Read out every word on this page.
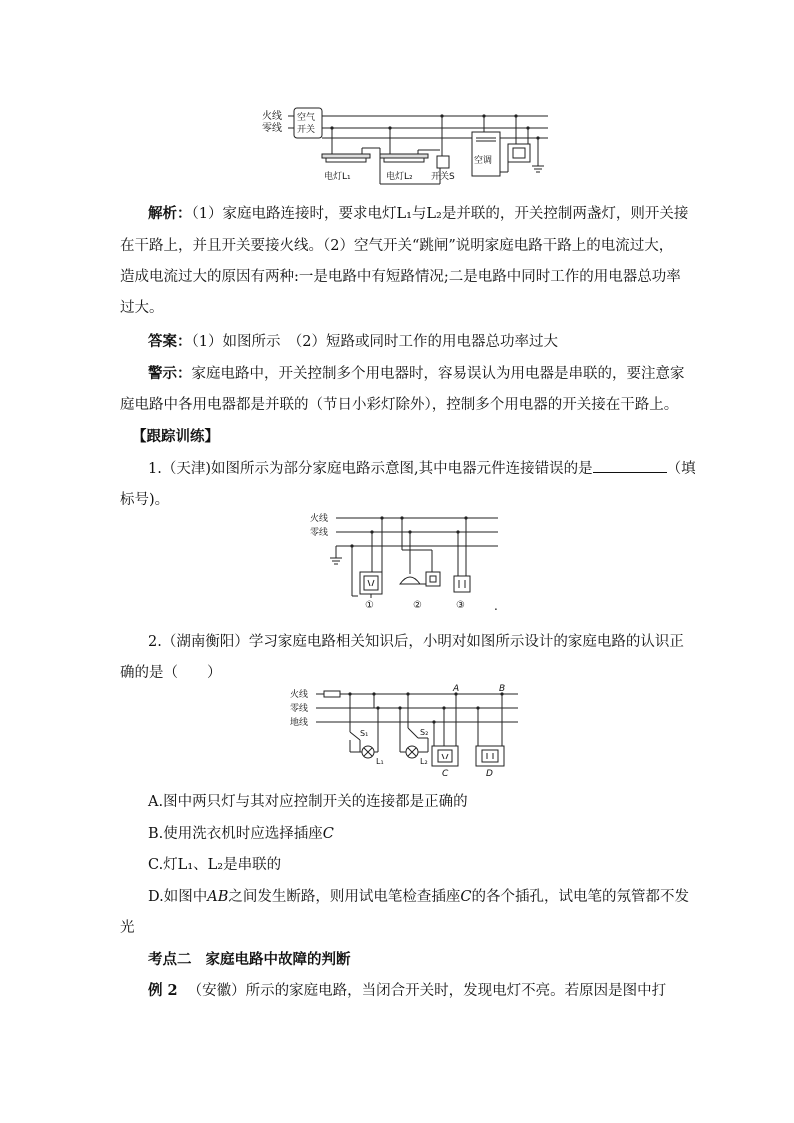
火线
零线
空气
开关
电灯L₁	电灯L₂ 开关S
空调
解析：（1）家庭电路连接时，要求电灯L₁与L₂是并联的，开关控制两盏灯，则开关接
在干路上，并且开关要接火线。（2）空气开关“跳闸”说明家庭电路干路上的电流过大，
造成电流过大的原因有两种:一是电路中有短路情况;二是电路中同时工作的用电器总功率
过大。
答案：（1）如图所示　（2）短路或同时工作的用电器总功率过大
警示：家庭电路中，开关控制多个用电器时，容易误认为用电器是串联的，要注意家
庭电路中各用电器都是并联的（节日小彩灯除外），控制多个用电器的开关接在干路上。
【跟踪训练】
1.（天津)如图所示为部分家庭电路示意图,其中电器元件连接错误的是	（填
标号)。
火线
零线
①	②	③ .
2.（湖南衡阳）学习家庭电路相关知识后，小明对如图所示设计的家庭电路的认识正
确的是（　　）
火线
零线
地线
A	B
S₁	S₂
L₁	L₂
C	D
A.图中两只灯与其对应控制开关的连接都是正确的
B.使用洗衣机时应选择插座C
C.灯L₁、L₂是串联的
D.如图中AB之间发生断路，则用试电笔检查插座C的各个插孔，试电笔的氖管都不发
光
考点二 家庭电路中故障的判断
例 2 （安徽）所示的家庭电路，当闭合开关时，发现电灯不亮。若原因是图中打
